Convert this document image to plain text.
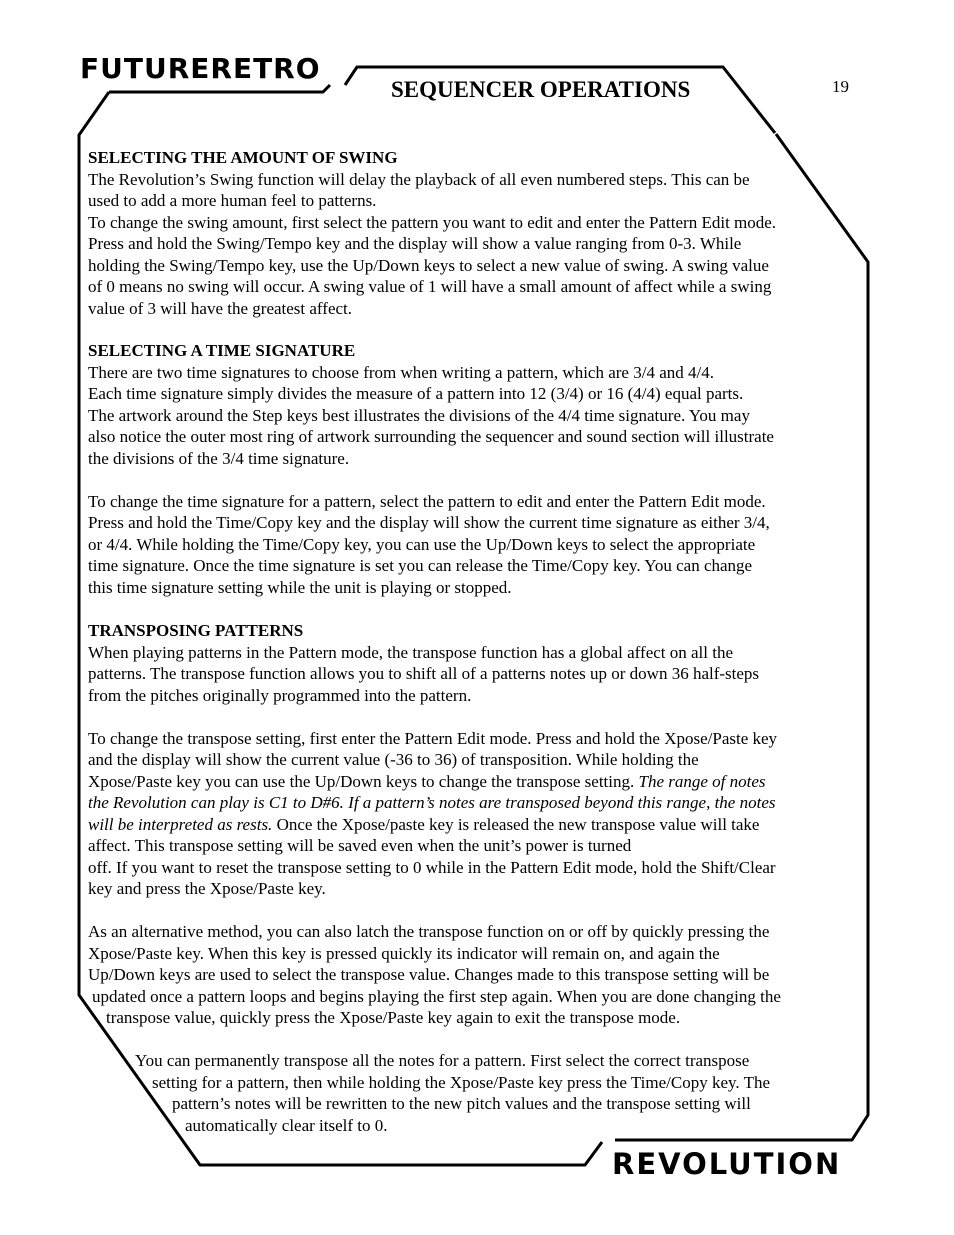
FUTURERETRO
SEQUENCER OPERATIONS	19
SELECTING THE AMOUNT OF SWING
The Revolution’s Swing function will delay the playback of all even numbered steps. This can be
used to add a more human feel to patterns.
To change the swing amount, first select the pattern you want to edit and enter the Pattern Edit mode.
Press and hold the Swing/Tempo key and the display will show a value ranging from 0-3. While
holding the Swing/Tempo key, use the Up/Down keys to select a new value of swing. A swing value
of 0 means no swing will occur. A swing value of 1 will have a small amount of affect while a swing
value of 3 will have the greatest affect.
SELECTING A TIME SIGNATURE
There are two time signatures to choose from when writing a pattern, which are 3/4 and 4/4.
Each time signature simply divides the measure of a pattern into 12 (3/4) or 16 (4/4) equal parts.
The artwork around the Step keys best illustrates the divisions of the 4/4 time signature. You may
also notice the outer most ring of artwork surrounding the sequencer and sound section will illustrate
the divisions of the 3/4 time signature.
To change the time signature for a pattern, select the pattern to edit and enter the Pattern Edit mode.
Press and hold the Time/Copy key and the display will show the current time signature as either 3/4,
or 4/4. While holding the Time/Copy key, you can use the Up/Down keys to select the appropriate
time signature. Once the time signature is set you can release the Time/Copy key. You can change
this time signature setting while the unit is playing or stopped.
TRANSPOSING PATTERNS
When playing patterns in the Pattern mode, the transpose function has a global affect on all the
patterns. The transpose function allows you to shift all of a patterns notes up or down 36 half-steps
from the pitches originally programmed into the pattern.
To change the transpose setting, first enter the Pattern Edit mode. Press and hold the Xpose/Paste key
and the display will show the current value (-36 to 36) of transposition. While holding the
Xpose/Paste key you can use the Up/Down keys to change the transpose setting. The range of notes
the Revolution can play is C1 to D#6. If a pattern’s notes are transposed beyond this range, the notes
will be interpreted as rests. Once the Xpose/paste key is released the new transpose value will take
affect. This transpose setting will be saved even when the unit’s power is turned
off. If you want to reset the transpose setting to 0 while in the Pattern Edit mode, hold the Shift/Clear
key and press the Xpose/Paste key.
As an alternative method, you can also latch the transpose function on or off by quickly pressing the
Xpose/Paste key. When this key is pressed quickly its indicator will remain on, and again the
Up/Down keys are used to select the transpose value. Changes made to this transpose setting will be
updated once a pattern loops and begins playing the first step again. When you are done changing the
transpose value, quickly press the Xpose/Paste key again to exit the transpose mode.
You can permanently transpose all the notes for a pattern. First select the correct transpose
setting for a pattern, then while holding the Xpose/Paste key press the Time/Copy key. The
pattern’s notes will be rewritten to the new pitch values and the transpose setting will
automatically clear itself to 0.
REVOLUTION
